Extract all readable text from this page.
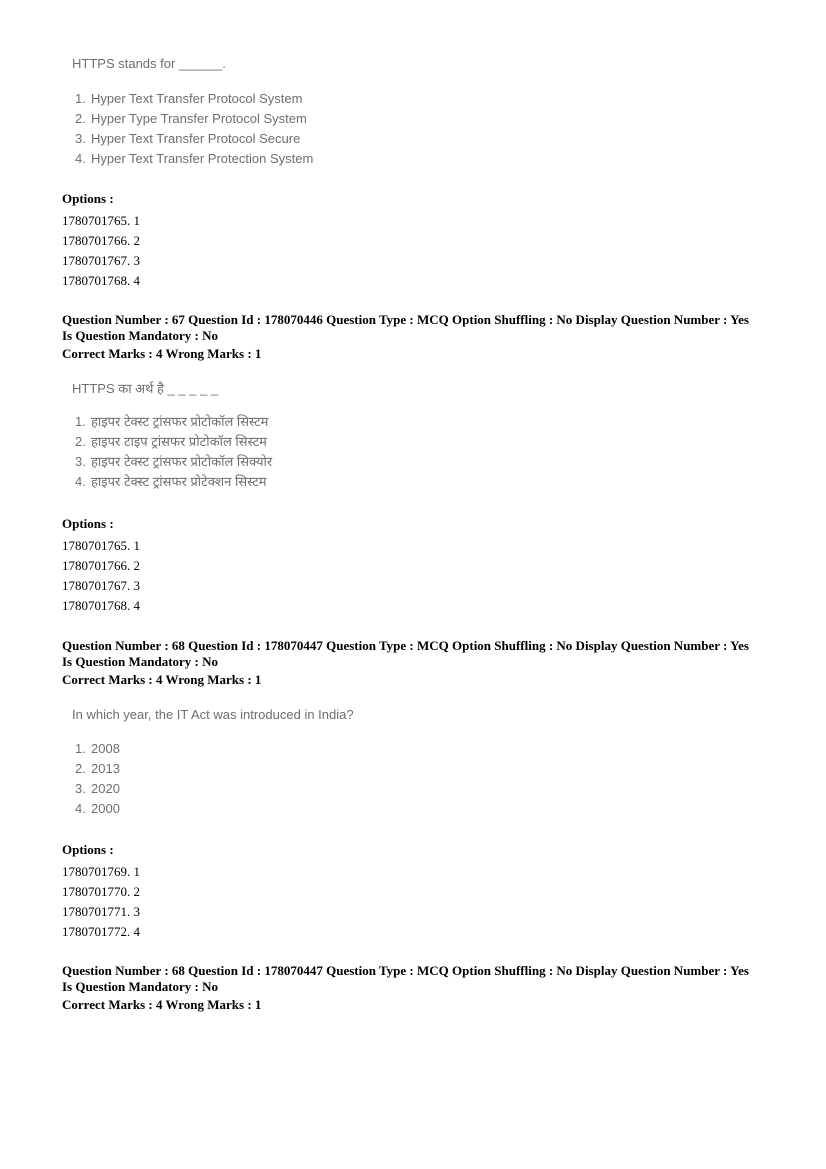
HTTPS stands for ______.
1. Hyper Text Transfer Protocol System
2. Hyper Type Transfer Protocol System
3. Hyper Text Transfer Protocol Secure
4. Hyper Text Transfer Protection System
Options :
1780701765. 1
1780701766. 2
1780701767. 3
1780701768. 4
Question Number : 67 Question Id : 178070446 Question Type : MCQ Option Shuffling : No Display Question Number : Yes
Is Question Mandatory : No
Correct Marks : 4 Wrong Marks : 1
HTTPS का अर्थ है _ _ _ _ _
1. हाइपर टेक्स्ट ट्रांसफर प्रोटोकॉल सिस्टम
2. हाइपर टाइप ट्रांसफर प्रोटोकॉल सिस्टम
3. हाइपर टेक्स्ट ट्रांसफर प्रोटोकॉल सिक्योर
4. हाइपर टेक्स्ट ट्रांसफर प्रोटेक्शन सिस्टम
Options :
1780701765. 1
1780701766. 2
1780701767. 3
1780701768. 4
Question Number : 68 Question Id : 178070447 Question Type : MCQ Option Shuffling : No Display Question Number : Yes
Is Question Mandatory : No
Correct Marks : 4 Wrong Marks : 1
In which year, the IT Act was introduced in India?
1. 2008
2. 2013
3. 2020
4. 2000
Options :
1780701769. 1
1780701770. 2
1780701771. 3
1780701772. 4
Question Number : 68 Question Id : 178070447 Question Type : MCQ Option Shuffling : No Display Question Number : Yes
Is Question Mandatory : No
Correct Marks : 4 Wrong Marks : 1
